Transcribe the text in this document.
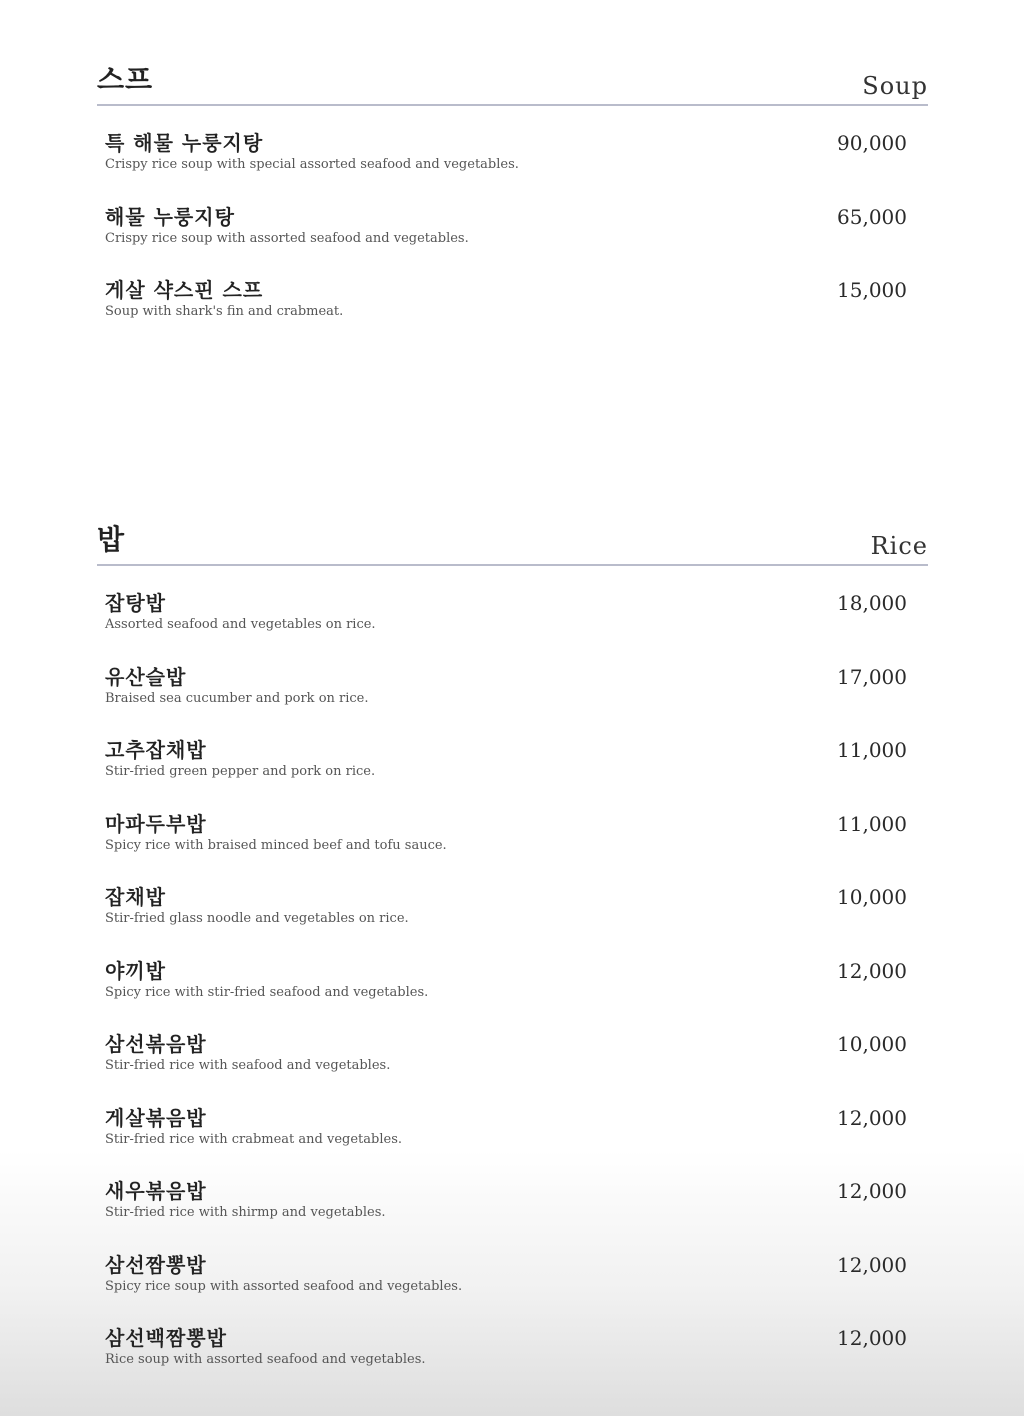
스프	Soup
특 해물 누룽지탕
Crispy rice soup with special assorted seafood and vegetables.
90,000
해물 누룽지탕
Crispy rice soup with assorted seafood and vegetables.
65,000
게살 샥스핀 스프
Soup with shark's fin and crabmeat.
15,000
밥	Rice
잡탕밥
Assorted seafood and vegetables on rice.
18,000
유산슬밥
Braised sea cucumber and pork on rice.
17,000
고추잡채밥
Stir-fried green pepper and pork on rice.
11,000
마파두부밥
Spicy rice with braised minced beef and tofu sauce.
11,000
잡채밥
Stir-fried glass noodle and vegetables on rice.
10,000
야끼밥
Spicy rice with stir-fried seafood and vegetables.
12,000
삼선볶음밥
Stir-fried rice with seafood and vegetables.
10,000
게살볶음밥
Stir-fried rice with crabmeat and vegetables.
12,000
새우볶음밥
Stir-fried rice with shirmp and vegetables.
12,000
삼선짬뽕밥
Spicy rice soup with assorted seafood and vegetables.
12,000
삼선백짬뽕밥
Rice soup with assorted seafood and vegetables.
12,000
